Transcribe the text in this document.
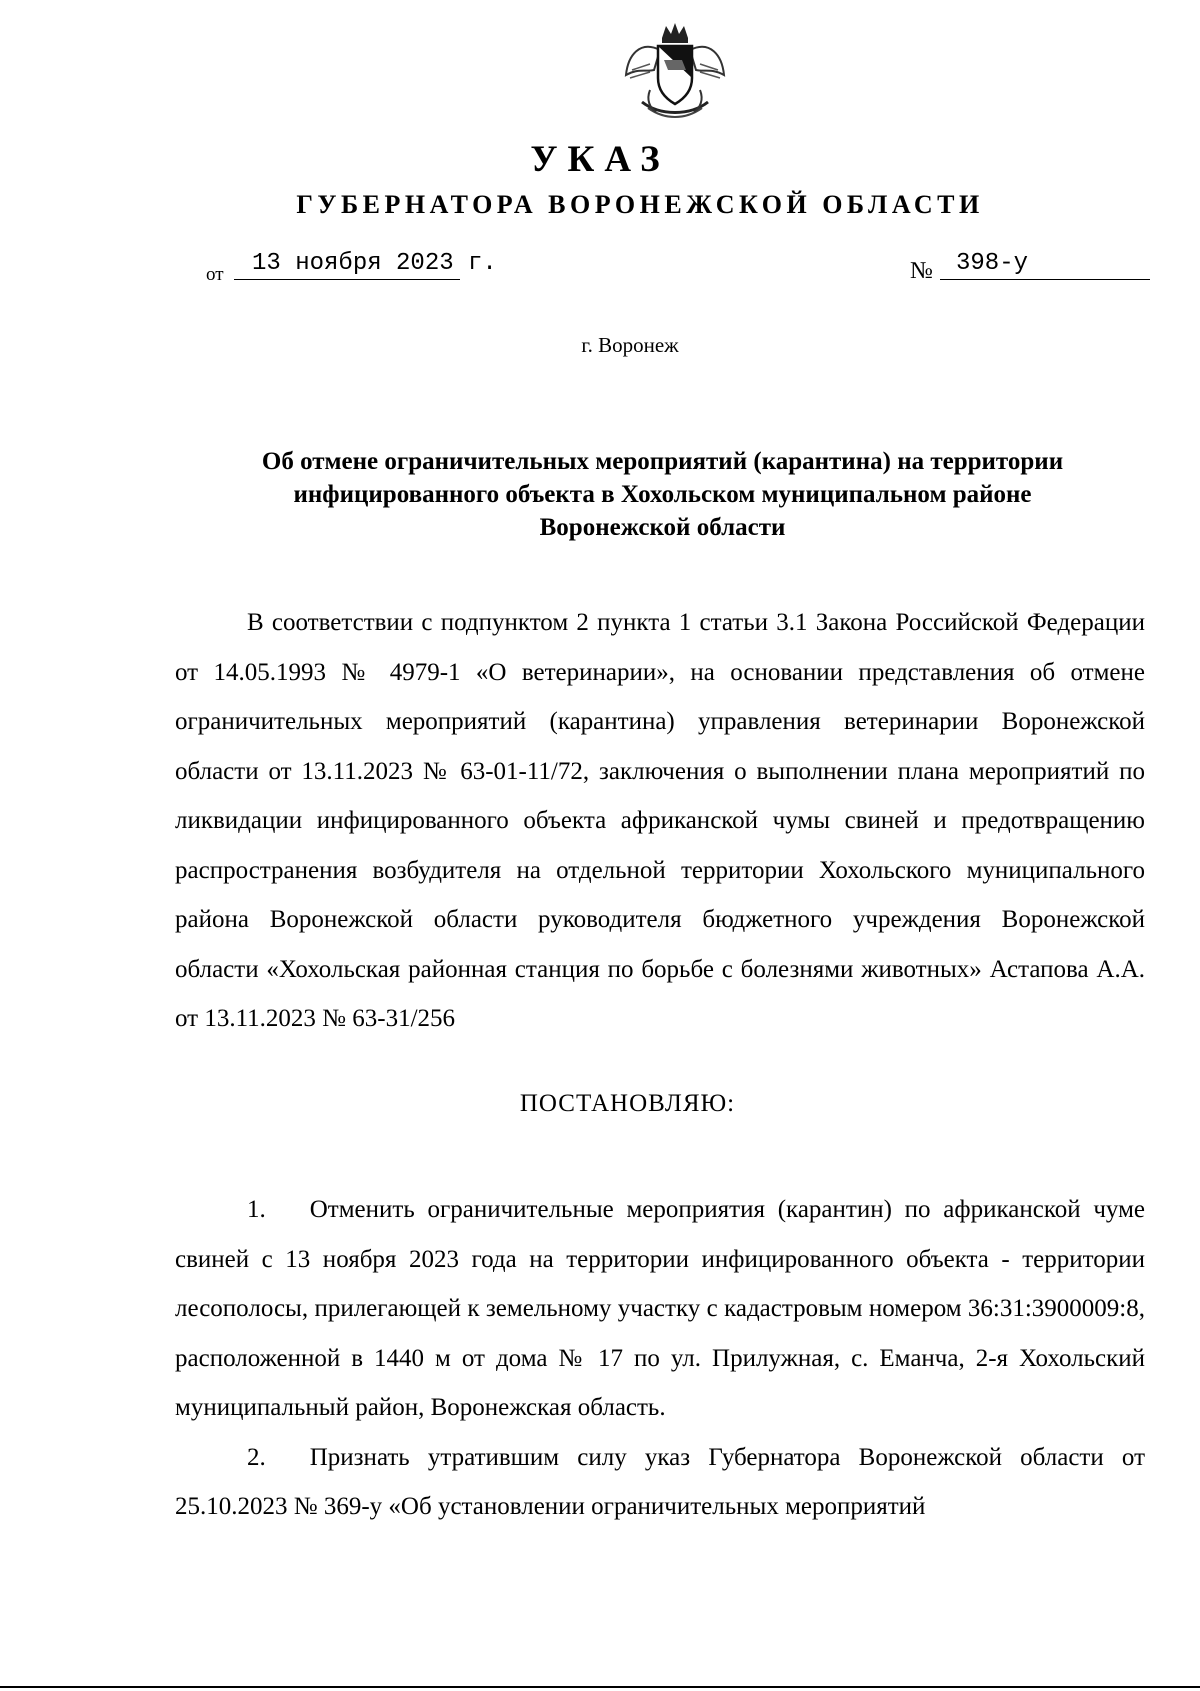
УКАЗ
ГУБЕРНАТОРА ВОРОНЕЖСКОЙ ОБЛАСТИ
от	13 ноября 2023 г.	№ 398-у
г. Воронеж
Об отмене ограничительных мероприятий (карантина) на территории
инфицированного объекта в Хохольском муниципальном районе
Воронежской области

В соответствии с подпунктом 2 пункта 1 статьи 3.1 Закона Российской Федерации от 14.05.1993 № 4979-1 «О ветеринарии», на основании представления об отмене ограничительных мероприятий (карантина) управления ветеринарии Воронежской области от 13.11.2023 № 63-01-11/72, заключения о выполнении плана мероприятий по ликвидации инфицированного объекта африканской чумы свиней и предотвращению распространения возбудителя на отдельной территории Хохольского муниципального района Воронежской области руководителя бюджетного учреждения Воронежской области «Хохольская районная станция по борьбе с болезнями животных» Астапова А.А. от 13.11.2023 № 63-31/256

ПОСТАНОВЛЯЮ:

1. Отменить ограничительные мероприятия (карантин) по африканской чуме свиней с 13 ноября 2023 года на территории инфицированного объекта - территории лесополосы, прилегающей к земельному участку с кадастровым номером 36:31:3900009:8, расположенной в 1440 м от дома № 17 по ул. Прилужная, с. Еманча, 2-я Хохольский муниципальный район, Воронежская область.

2. Признать утратившим силу указ Губернатора Воронежской области от 25.10.2023 № 369-у «Об установлении ограничительных мероприятий
